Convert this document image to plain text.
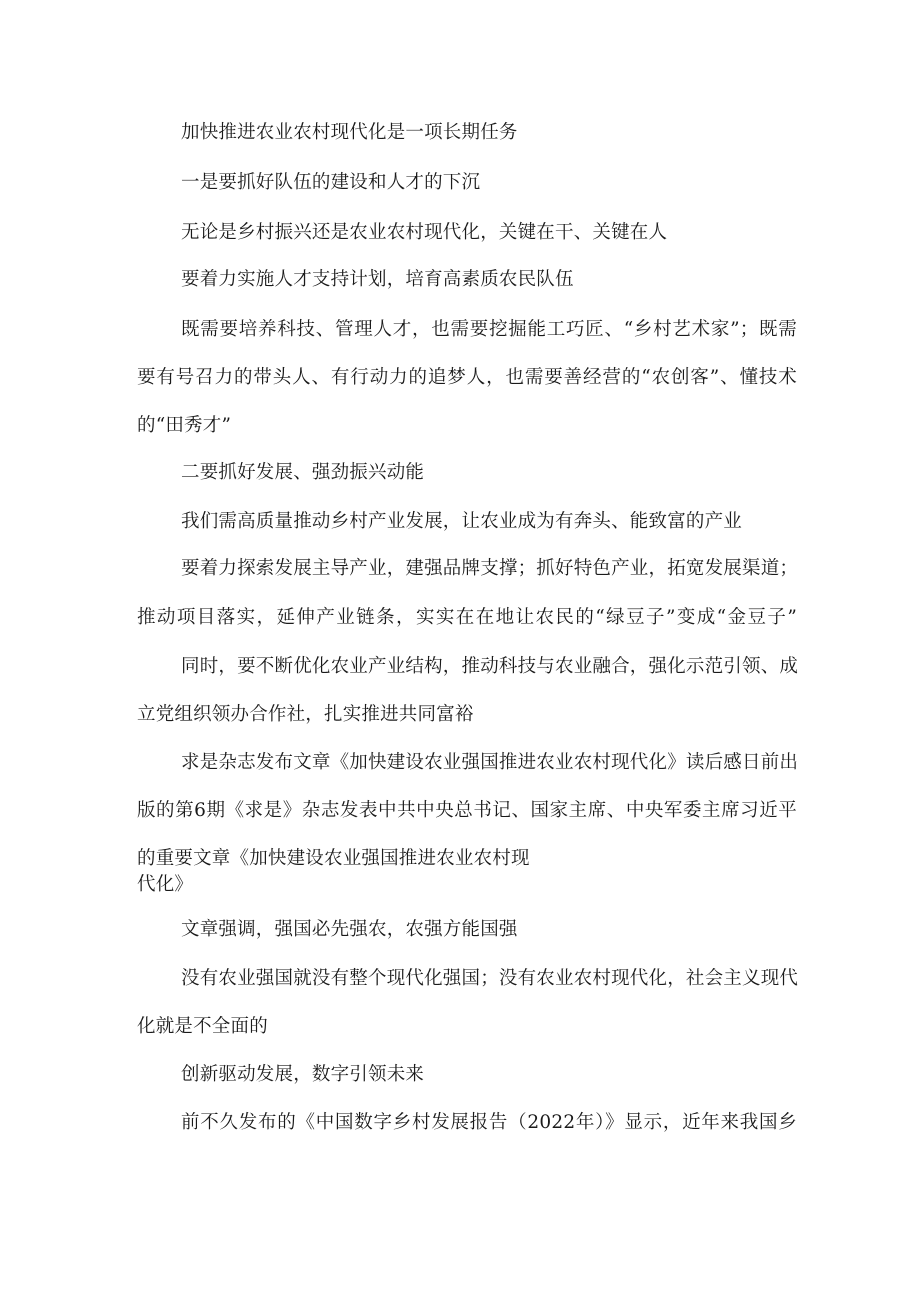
加快推进农业农村现代化是一项长期任务
一是要抓好队伍的建设和人才的下沉
无论是乡村振兴还是农业农村现代化，关键在干、关键在人
要着力实施人才支持计划，培育高素质农民队伍
既需要培养科技、管理人才，也需要挖掘能工巧匠、“乡村艺术家”；既需
要有号召力的带头人、有行动力的追梦人，也需要善经营的“农创客”、懂技术
的“田秀才”
二要抓好发展、强劲振兴动能
我们需高质量推动乡村产业发展，让农业成为有奔头、能致富的产业
要着力探索发展主导产业，建强品牌支撑；抓好特色产业，拓宽发展渠道；
推动项目落实，延伸产业链条，实实在在地让农民的“绿豆子”变成“金豆子”
同时，要不断优化农业产业结构，推动科技与农业融合，强化示范引领、成
立党组织领办合作社，扎实推进共同富裕
求是杂志发布文章《加快建设农业强国推进农业农村现代化》读后感日前出
版的第6期《求是》杂志发表中共中央总书记、国家主席、中央军委主席习近平
的重要文章《加快建设农业强国推进农业农村现
代化》
文章强调，强国必先强农，农强方能国强
没有农业强国就没有整个现代化强国；没有农业农村现代化，社会主义现代
化就是不全面的
创新驱动发展，数字引领未来
前不久发布的《中国数字乡村发展报告（2022年）》显示，近年来我国乡
